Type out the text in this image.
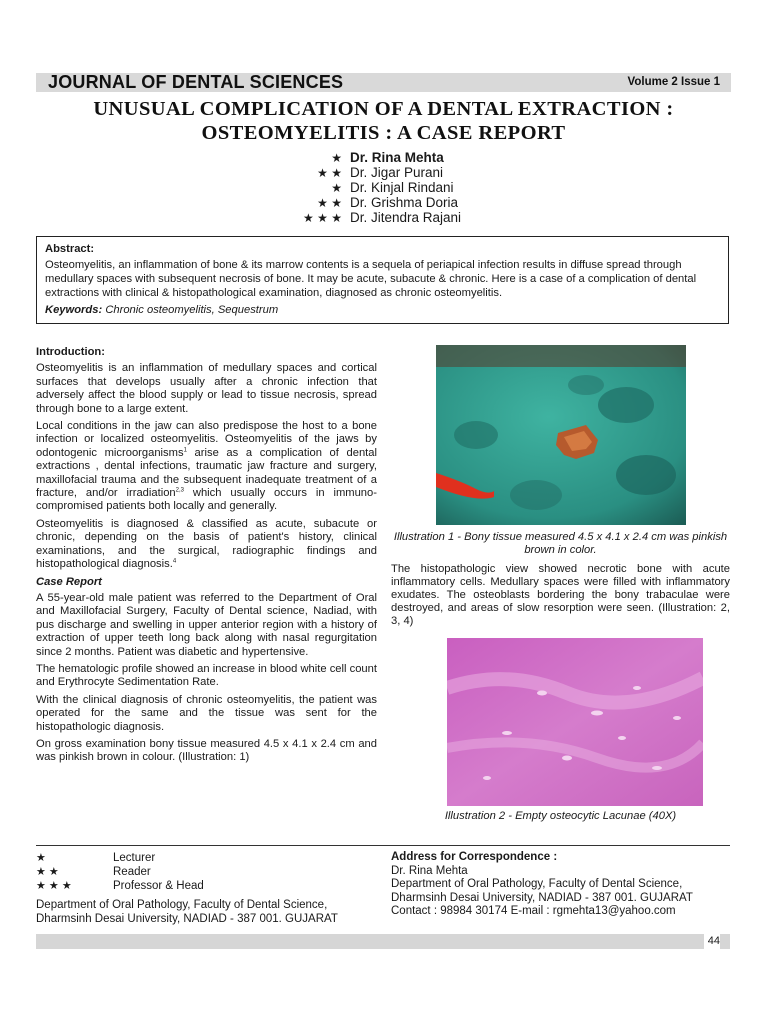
JOURNAL OF DENTAL SCIENCES	Volume 2 Issue 1
UNUSUAL COMPLICATION OF A DENTAL EXTRACTION :
OSTEOMYELITIS : A CASE REPORT
★ Dr. Rina Mehta
★ ★ Dr. Jigar Purani
★ Dr. Kinjal Rindani
★ ★ Dr. Grishma Doria
★ ★ ★ Dr. Jitendra Rajani
Abstract:
Osteomyelitis, an inflammation of bone & its marrow contents is a sequela of periapical infection results in diffuse spread through medullary spaces with subsequent necrosis of bone. It may be acute, subacute & chronic. Here is a case of a complication of dental extractions with clinical & histopathological examination, diagnosed as chronic osteomyelitis.
Keywords: Chronic osteomyelitis, Sequestrum
Introduction:

Osteomyelitis is an inflammation of medullary spaces and cortical surfaces that develops usually after a chronic infection that adversely affect the blood supply or lead to tissue necrosis, spread through bone to a large extent.

Local conditions in the jaw can also predispose the host to a bone infection or localized osteomyelitis. Osteomyelitis of the jaws by odontogenic microorganisms$^1$ arise as a complication of dental extractions , dental infections, traumatic jaw fracture and surgery, maxillofacial trauma and the subsequent inadequate treatment of a fracture, and/or irradiation$^{2,3}$ which usually occurs in immuno-compromised patients both locally and generally.

Osteomyelitis is diagnosed & classified as acute, subacute or chronic, depending on the basis of patient's history, clinical examinations, and the surgical, radiographic findings and histopathological diagnosis.$^4$

Case Report

A 55-year-old male patient was referred to the Department of Oral and Maxillofacial Surgery, Faculty of Dental science, Nadiad, with pus discharge and swelling in upper anterior region with a history of extraction of upper teeth long back along with nasal regurgitation since 2 months. Patient was diabetic and hypertensive.

The hematologic profile showed an increase in blood white cell count and Erythrocyte Sedimentation Rate.

With the clinical diagnosis of chronic osteomyelitis, the patient was operated for the same and the tissue was sent for the histopathologic diagnosis.

On gross examination bony tissue measured 4.5 x 4.1 x 2.4 cm and was pinkish brown in colour. (Illustration: 1)

Illustration 1 - Bony tissue measured 4.5 x 4.1 x 2.4 cm was pinkish brown in color.
The histopathologic view showed necrotic bone with acute inflammatory cells. Medullary spaces were filled with inflammatory exudates. The osteoblasts bordering the bony trabaculae were destroyed, and areas of slow resorption were seen. (Illustration: 2, 3, 4)
Illustration 2 - Empty osteocytic Lacunae (40X)
★	Lecturer
★ ★	Reader
★ ★ ★	Professor & Head
Department of Oral Pathology, Faculty of Dental Science,
Dharmsinh Desai University, NADIAD - 387 001. GUJARAT
Address for Correspondence :
Dr. Rina Mehta
Department of Oral Pathology, Faculty of Dental Science,
Dharmsinh Desai University, NADIAD - 387 001. GUJARAT
Contact : 98984 30174 E-mail : rgmehta13@yahoo.com
44
